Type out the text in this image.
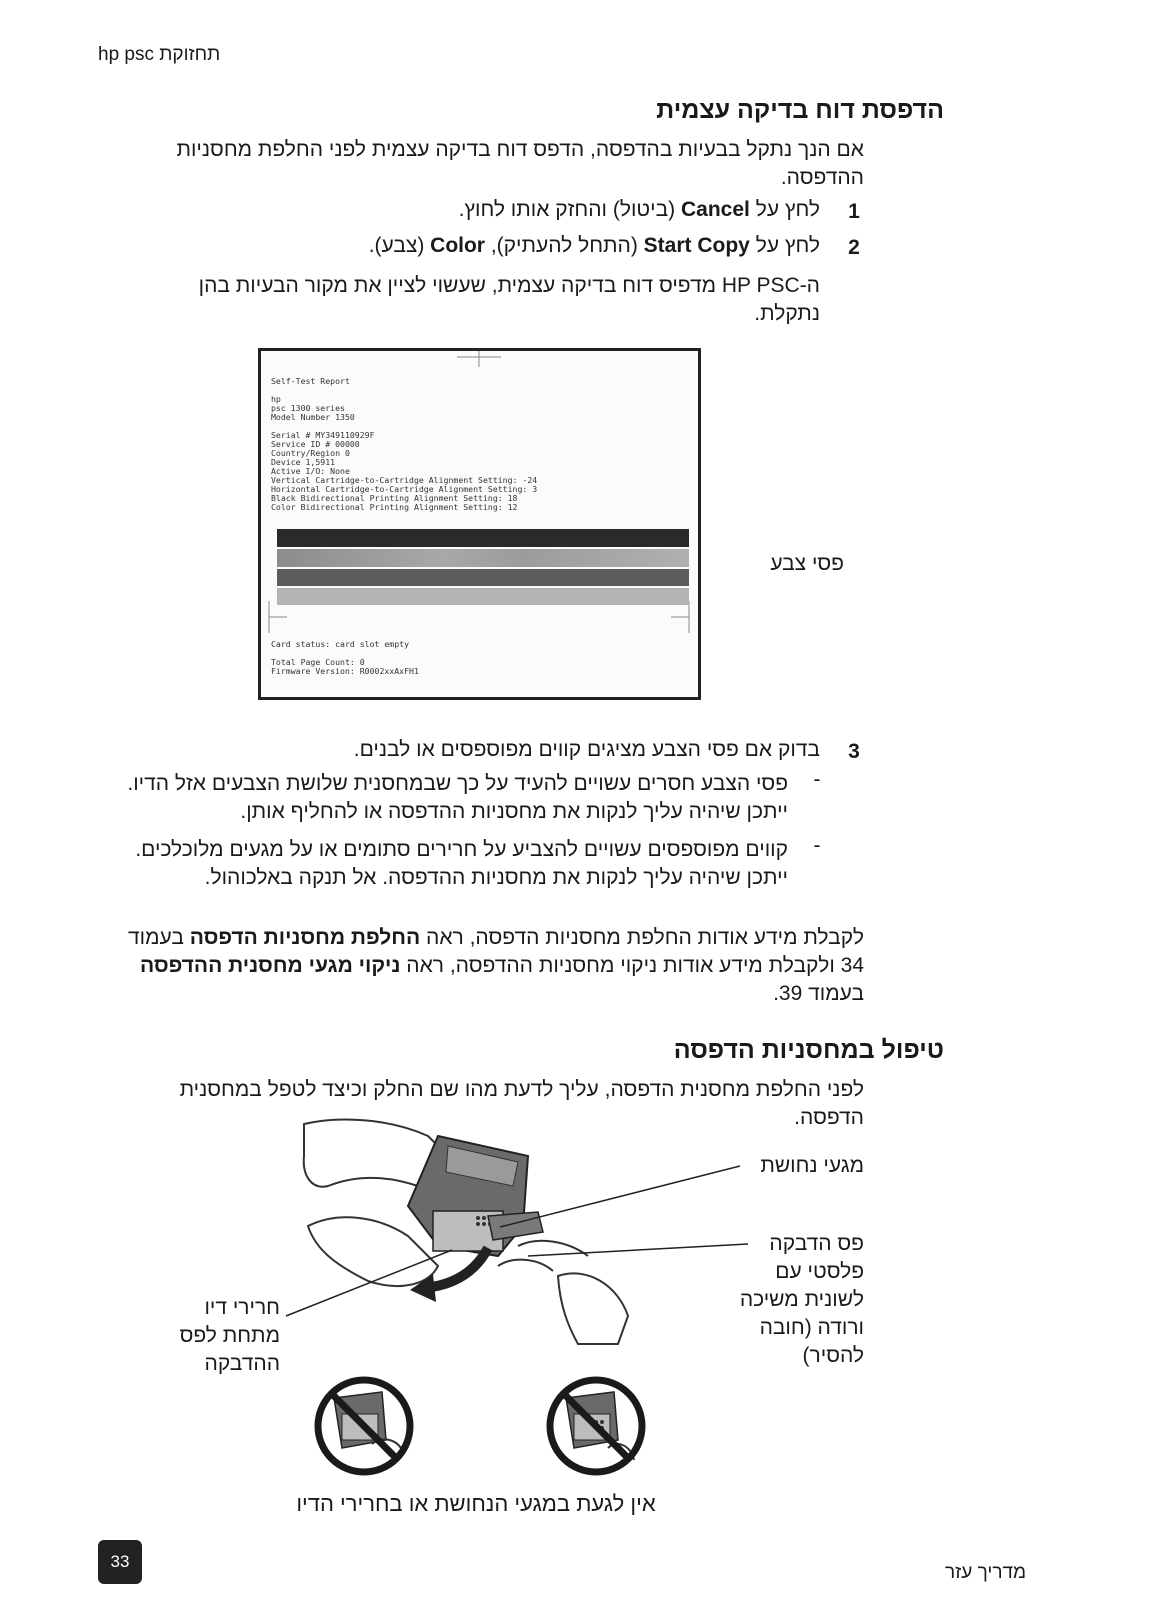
hp psc תחזוקת
הדפסת דוח בדיקה עצמית
אם הנך נתקל בבעיות בהדפסה, הדפס דוח בדיקה עצמית לפני החלפת מחסניות ההדפסה.
1
לחץ על Cancel (ביטול) והחזק אותו לחוץ.
2
לחץ על Start Copy (התחל להעתיק), Color (צבע).
ה-HP PSC מדפיס דוח בדיקה עצמית, שעשוי לציין את מקור הבעיות בהן נתקלת.
Self-Test Report

hp
psc 1300 series
Model Number 1350

Serial # MY349110929F
Service ID # 00000
Country/Region 0
Device 1,5911
Active I/O: None
Vertical Cartridge-to-Cartridge Alignment Setting: -24
Horizontal Cartridge-to-Cartridge Alignment Setting: 3
Black Bidirectional Printing Alignment Setting: 18
Color Bidirectional Printing Alignment Setting: 12
Card status: card slot empty

Total Page Count: 0
Firmware Version: R0002xxAxFH1
פסי צבע
3
בדוק אם פסי הצבע מציגים קווים מפוספסים או לבנים.
-
פסי הצבע חסרים עשויים להעיד על כך שבמחסנית שלושת הצבעים אזל הדיו. ייתכן שיהיה עליך לנקות את מחסניות ההדפסה או להחליף אותן.
-
קווים מפוספסים עשויים להצביע על חרירים סתומים או על מגעים מלוכלכים. ייתכן שיהיה עליך לנקות את מחסניות ההדפסה. אל תנקה באלכוהול.
לקבלת מידע אודות החלפת מחסניות הדפסה, ראה החלפת מחסניות הדפסה בעמוד 34 ולקבלת מידע אודות ניקוי מחסניות ההדפסה, ראה ניקוי מגעי מחסנית ההדפסה בעמוד 39.
טיפול במחסניות הדפסה
לפני החלפת מחסנית הדפסה, עליך לדעת מהו שם החלק וכיצד לטפל במחסנית הדפסה.
מגעי נחושת
פס הדבקה פלסטי עם לשונית משיכה ורודה (חובה להסיר)
חרירי דיו מתחת לפס ההדבקה
אין לגעת במגעי הנחושת או בחרירי הדיו
33
מדריך עזר
